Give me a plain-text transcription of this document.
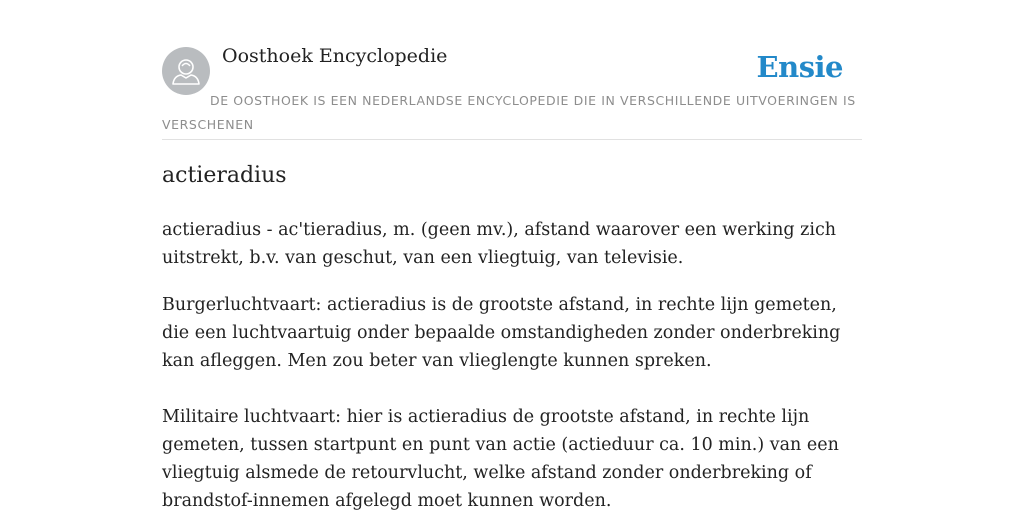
Oosthoek Encyclopedie	Ensie

DE OOSTHOEK IS EEN NEDERLANDSE ENCYCLOPEDIE DIE IN VERSCHILLENDE UITVOERINGEN IS VERSCHENEN

actieradius

actieradius - ac'tieradius, m. (geen mv.), afstand waarover een werking zich uitstrekt, b.v. van geschut, van een vliegtuig, van televisie.

Burgerluchtvaart: actieradius is de grootste afstand, in rechte lijn gemeten, die een luchtvaartuig onder bepaalde omstandigheden zonder onderbreking kan afleggen. Men zou beter van vlieglengte kunnen spreken.

Militaire luchtvaart: hier is actieradius de grootste afstand, in rechte lijn gemeten, tussen startpunt en punt van actie (actieduur ca. 10 min.) van een vliegtuig alsmede de retourvlucht, welke afstand zonder onderbreking of brandstof-innemen afgelegd moet kunnen worden.
